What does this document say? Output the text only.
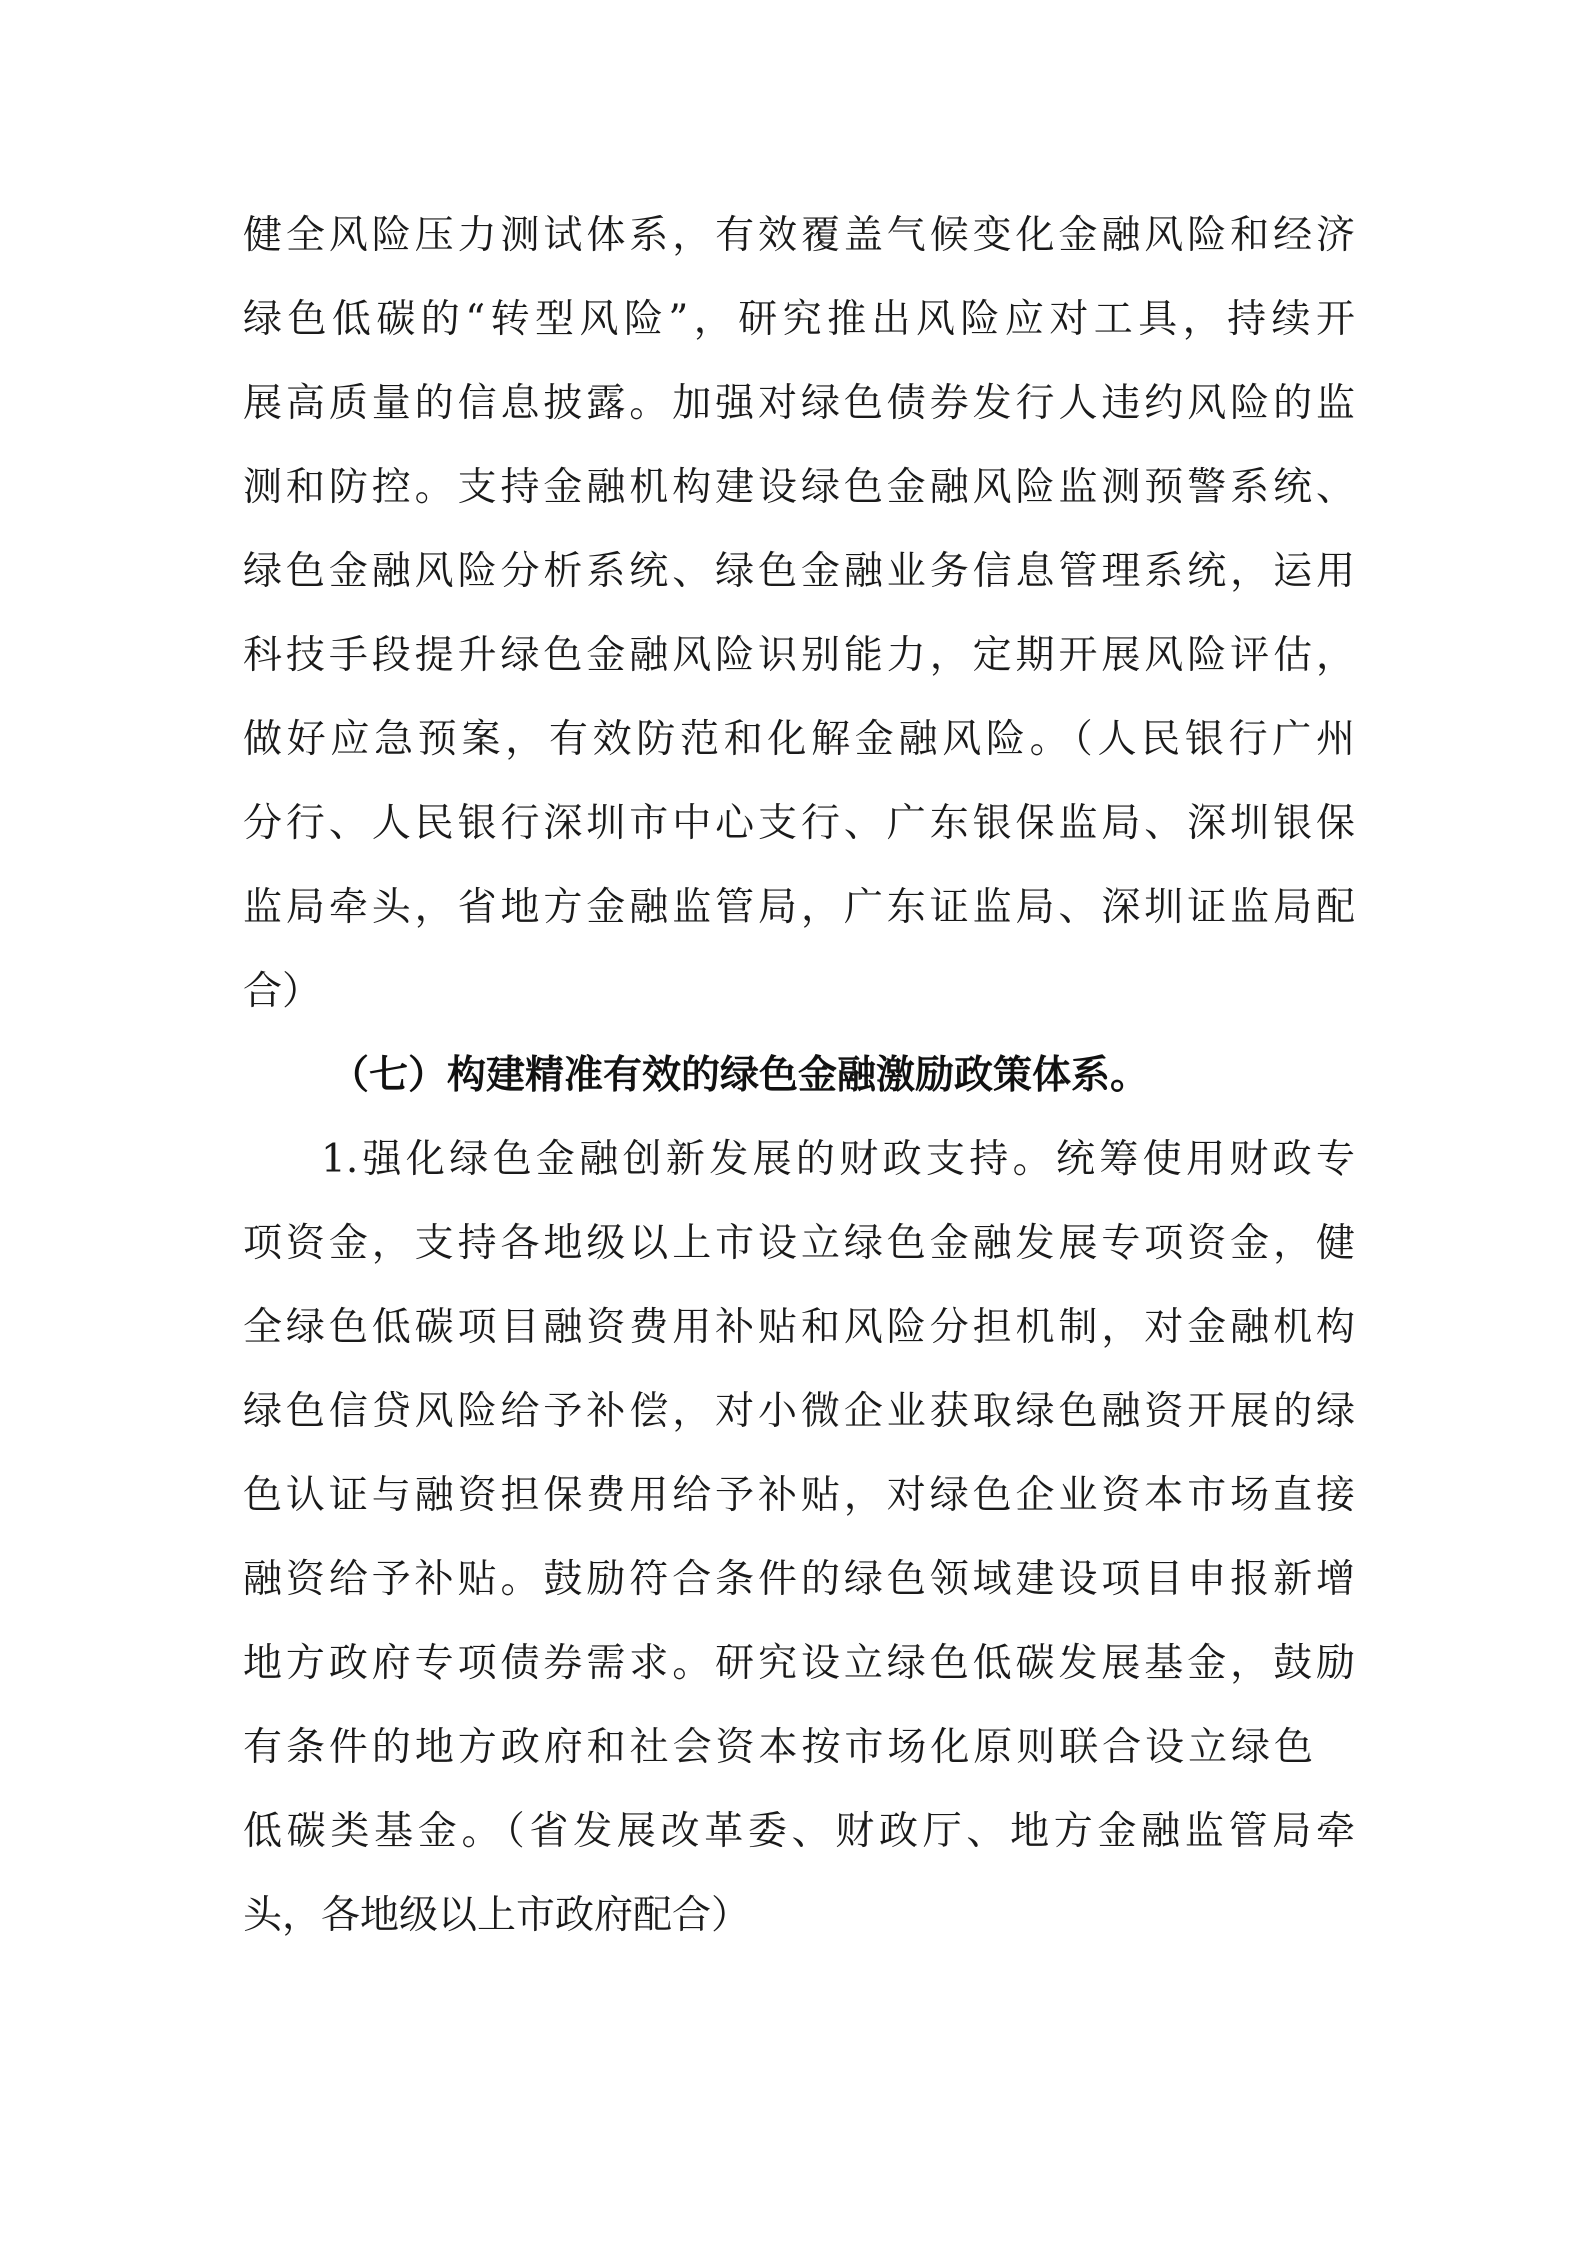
健全风险压力测试体系，有效覆盖气候变化金融风险和经济
绿色低碳的“转型风险”，研究推出风险应对工具，持续开
展高质量的信息披露。加强对绿色债券发行人违约风险的监
测和防控。支持金融机构建设绿色金融风险监测预警系统、
绿色金融风险分析系统、绿色金融业务信息管理系统，运用
科技手段提升绿色金融风险识别能力，定期开展风险评估，
做好应急预案，有效防范和化解金融风险。（人民银行广州
分行、人民银行深圳市中心支行、广东银保监局、深圳银保
监局牵头，省地方金融监管局，广东证监局、深圳证监局配
合）
（七）构建精准有效的绿色金融激励政策体系。
1.强化绿色金融创新发展的财政支持。统筹使用财政专
项资金，支持各地级以上市设立绿色金融发展专项资金，健
全绿色低碳项目融资费用补贴和风险分担机制，对金融机构
绿色信贷风险给予补偿，对小微企业获取绿色融资开展的绿
色认证与融资担保费用给予补贴，对绿色企业资本市场直接
融资给予补贴。鼓励符合条件的绿色领域建设项目申报新增
地方政府专项债券需求。研究设立绿色低碳发展基金，鼓励
有条件的地方政府和社会资本按市场化原则联合设立绿色
低碳类基金。（省发展改革委、财政厅、地方金融监管局牵
头，各地级以上市政府配合）
